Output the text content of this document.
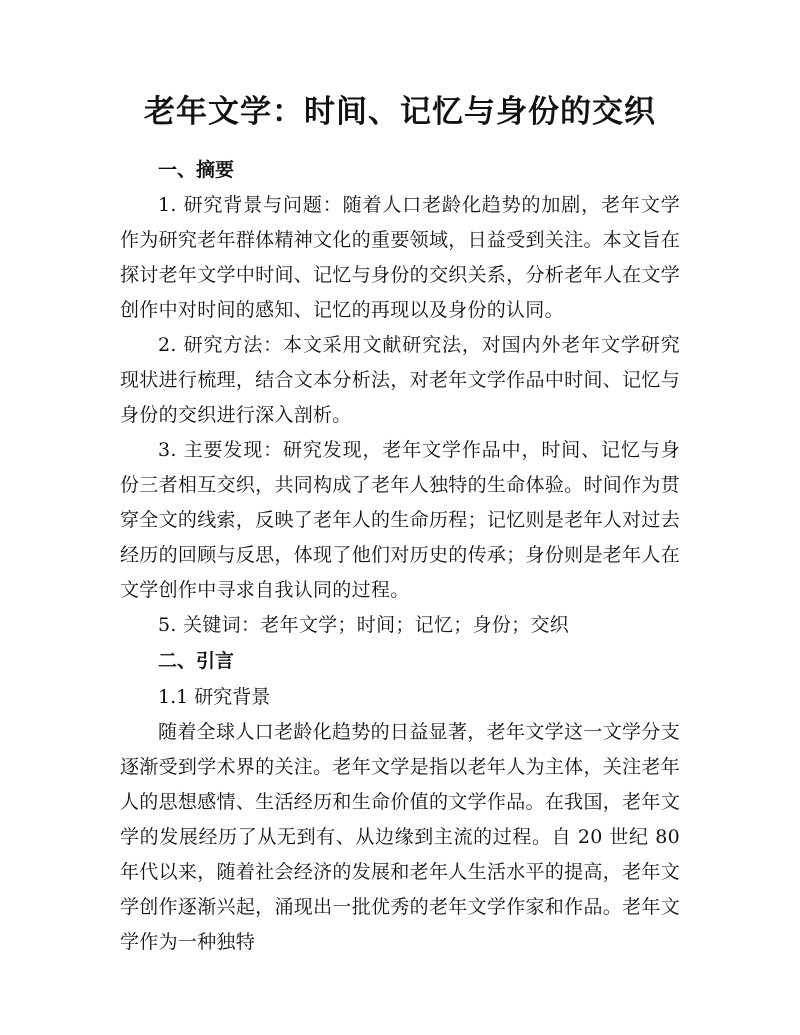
老年文学：时间、记忆与身份的交织
一、摘要

1. 研究背景与问题：随着人口老龄化趋势的加剧，老年文学作为研究老年群体精神文化的重要领域，日益受到关注。本文旨在探讨老年文学中时间、记忆与身份的交织关系，分析老年人在文学创作中对时间的感知、记忆的再现以及身份的认同。

2. 研究方法：本文采用文献研究法，对国内外老年文学研究现状进行梳理，结合文本分析法，对老年文学作品中时间、记忆与身份的交织进行深入剖析。

3. 主要发现：研究发现，老年文学作品中，时间、记忆与身份三者相互交织，共同构成了老年人独特的生命体验。时间作为贯穿全文的线索，反映了老年人的生命历程；记忆则是老年人对过去经历的回顾与反思，体现了他们对历史的传承；身份则是老年人在文学创作中寻求自我认同的过程。

5. 关键词：老年文学；时间；记忆；身份；交织

二、引言
1.1 研究背景

随着全球人口老龄化趋势的日益显著，老年文学这一文学分支逐渐受到学术界的关注。老年文学是指以老年人为主体，关注老年人的思想感情、生活经历和生命价值的文学作品。在我国，老年文学的发展经历了从无到有、从边缘到主流的过程。自 20 世纪 80 年代以来，随着社会经济的发展和老年人生活水平的提高，老年文学创作逐渐兴起，涌现出一批优秀的老年文学作家和作品。老年文学作为一种独特
